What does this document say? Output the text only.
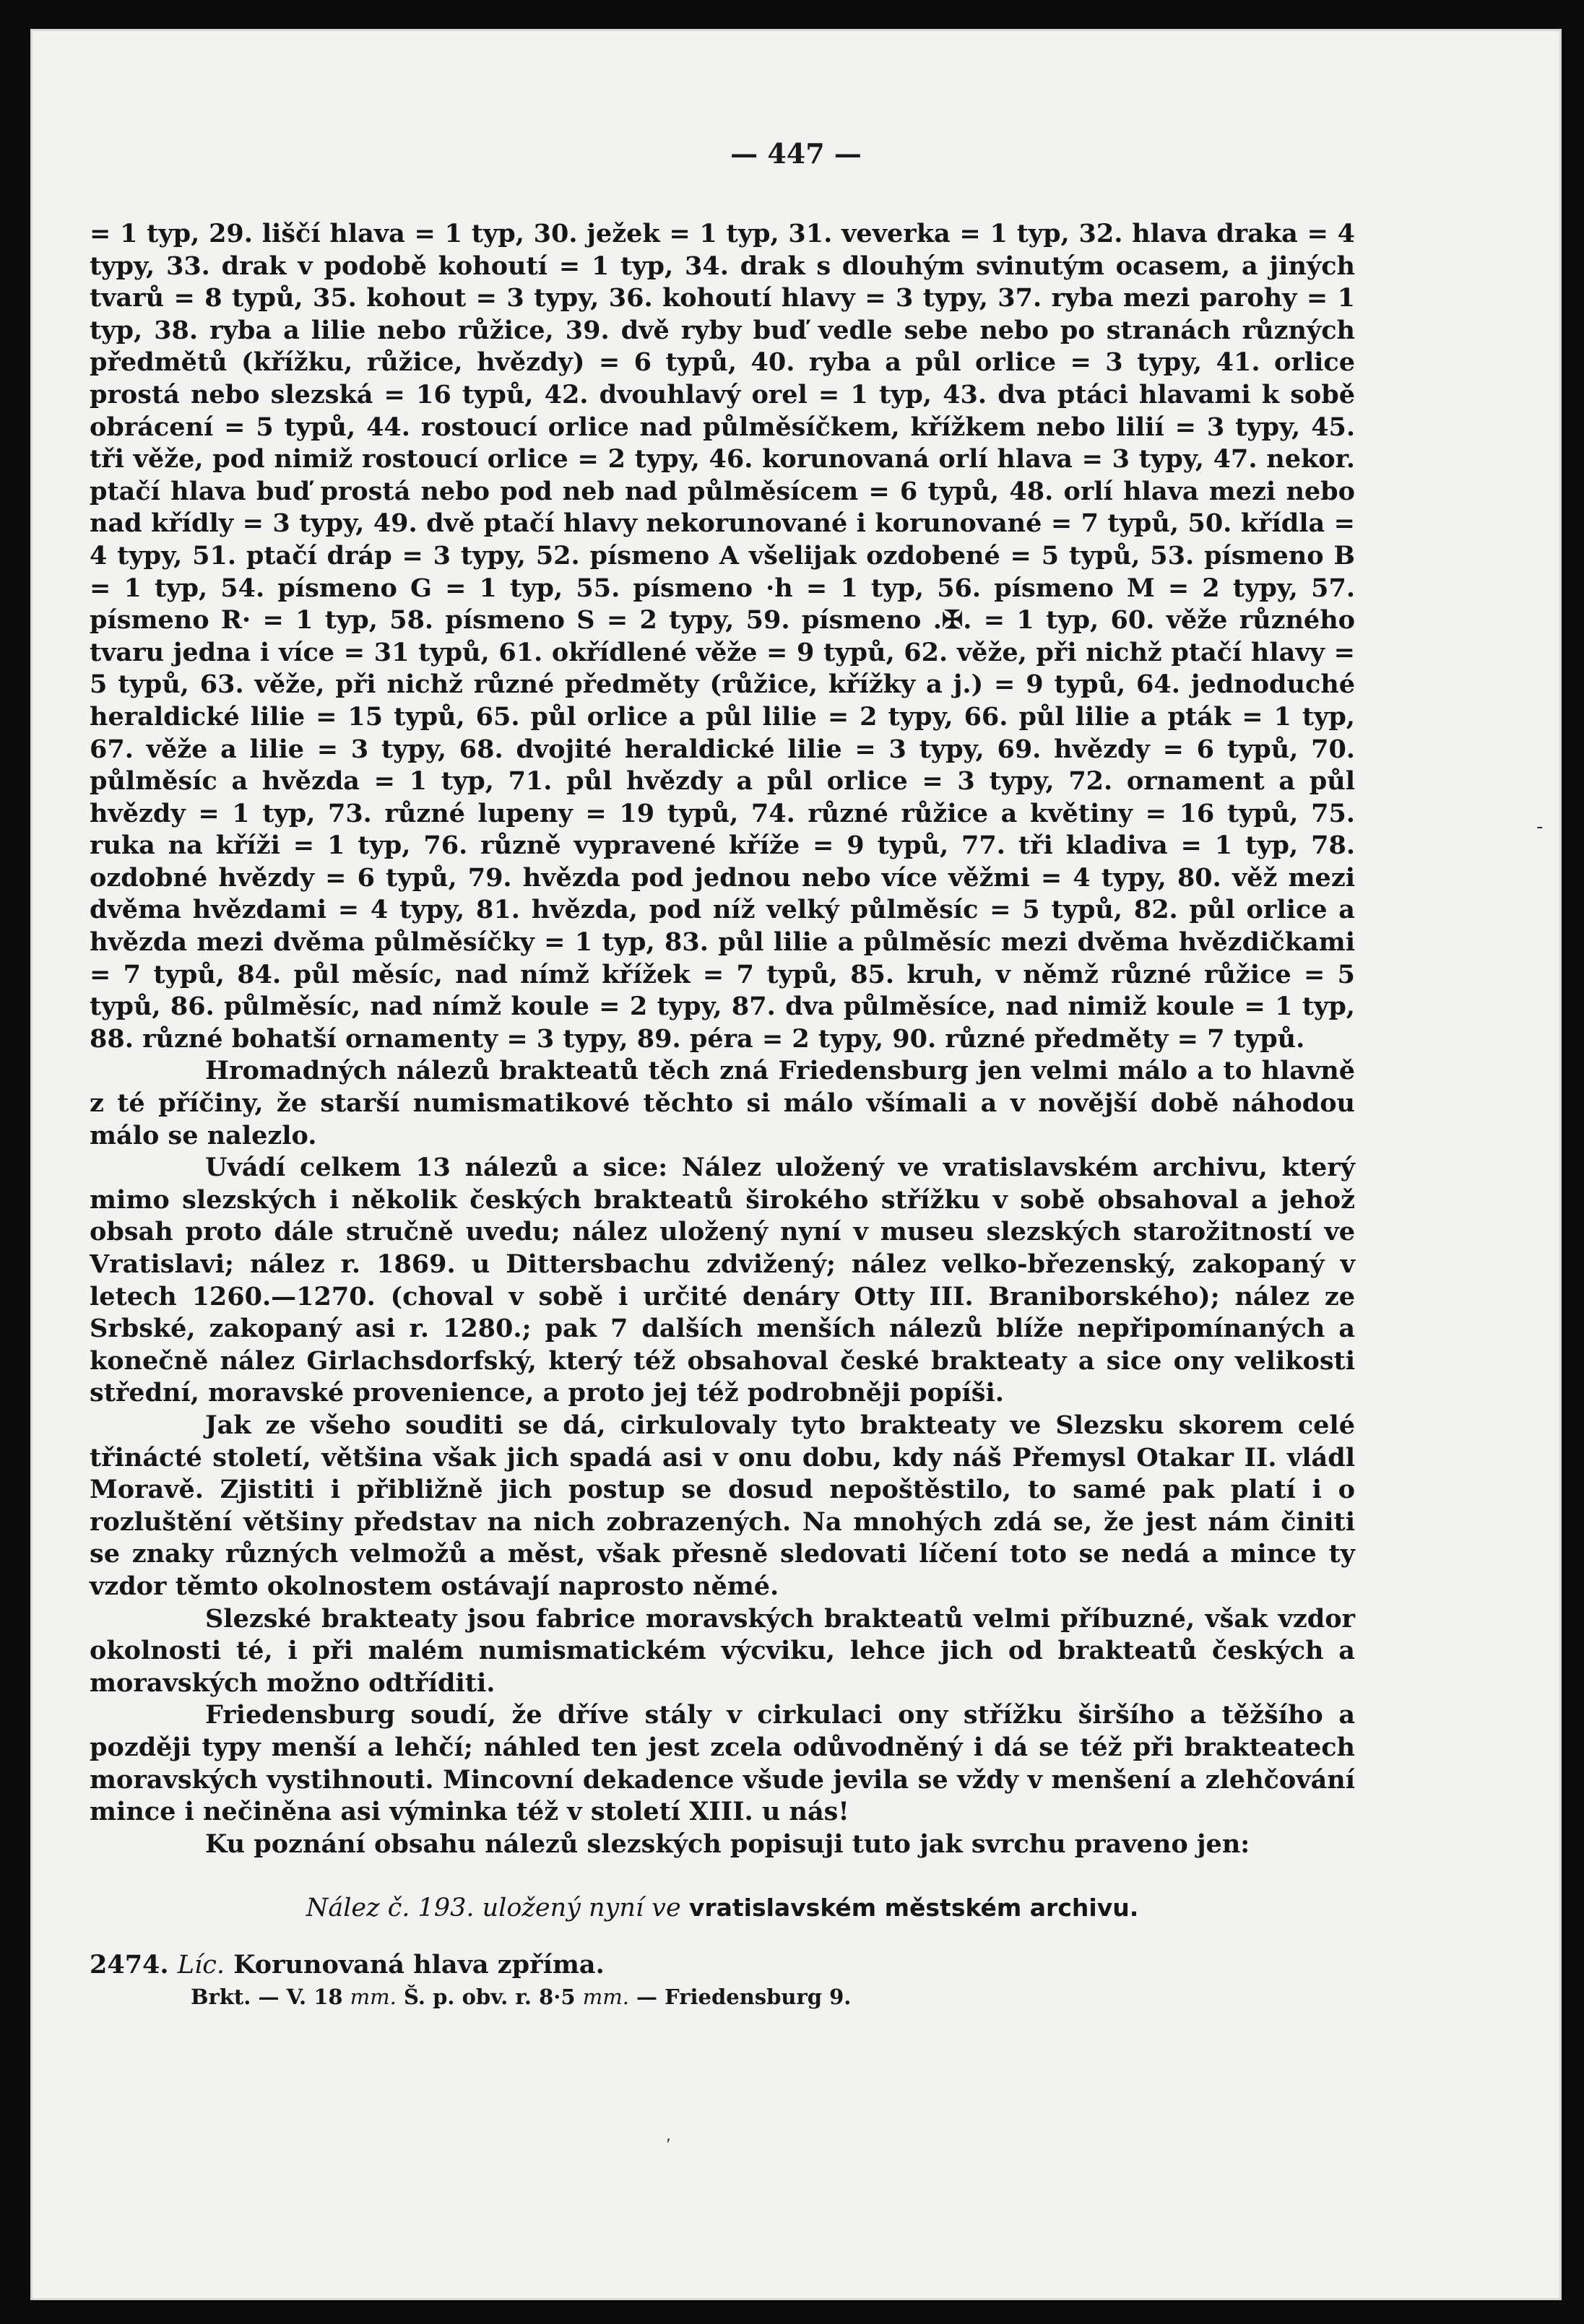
— 447 —

= 1 typ, 29. liščí hlava = 1 typ, 30. ježek = 1 typ, 31. veverka = 1 typ, 32. hlava draka = 4 typy, 33. drak v podobě kohoutí = 1 typ, 34. drak s dlouhým svinutým ocasem, a jiných tvarů = 8 typů, 35. kohout = 3 typy, 36. kohoutí hlavy = 3 typy, 37. ryba mezi parohy = 1 typ, 38. ryba a lilie nebo růžice, 39. dvě ryby buď vedle sebe nebo po stranách různých předmětů (křížku, růžice, hvězdy) = 6 typů, 40. ryba a půl orlice = 3 typy, 41. orlice prostá nebo slezská = 16 typů, 42. dvouhlavý orel = 1 typ, 43. dva ptáci hlavami k sobě obrácení = 5 typů, 44. rostoucí orlice nad půlměsíčkem, křížkem nebo lilií = 3 typy, 45. tři věže, pod nimiž rostoucí orlice = 2 typy, 46. korunovaná orlí hlava = 3 typy, 47. nekor. ptačí hlava buď prostá nebo pod neb nad půlměsícem = 6 typů, 48. orlí hlava mezi nebo nad křídly = 3 typy, 49. dvě ptačí hlavy nekorunované i korunované = 7 typů, 50. křídla = 4 typy, 51. ptačí dráp = 3 typy, 52. písmeno A všelijak ozdobené = 5 typů, 53. písmeno B = 1 typ, 54. písmeno G = 1 typ, 55. písmeno ·h = 1 typ, 56. písmeno M = 2 typy, 57. písmeno R· = 1 typ, 58. písmeno S = 2 typy, 59. písmeno .✠. = 1 typ, 60. věže různého tvaru jedna i více = 31 typů, 61. okřídlené věže = 9 typů, 62. věže, při nichž ptačí hlavy = 5 typů, 63. věže, při nichž různé předměty (růžice, křížky a j.) = 9 typů, 64. jednoduché heraldické lilie = 15 typů, 65. půl orlice a půl lilie = 2 typy, 66. půl lilie a pták = 1 typ, 67. věže a lilie = 3 typy, 68. dvojité heraldické lilie = 3 typy, 69. hvězdy = 6 typů, 70. půlměsíc a hvězda = 1 typ, 71. půl hvězdy a půl orlice = 3 typy, 72. ornament a půl hvězdy = 1 typ, 73. různé lupeny = 19 typů, 74. různé růžice a květiny = 16 typů, 75. ruka na kříži = 1 typ, 76. různě vypravené kříže = 9 typů, 77. tři kladiva = 1 typ, 78. ozdobné hvězdy = 6 typů, 79. hvězda pod jednou nebo více věžmi = 4 typy, 80. věž mezi dvěma hvězdami = 4 typy, 81. hvězda, pod níž velký půlměsíc = 5 typů, 82. půl orlice a hvězda mezi dvěma půlměsíčky = 1 typ, 83. půl lilie a půlměsíc mezi dvěma hvězdičkami = 7 typů, 84. půl měsíc, nad nímž křížek = 7 typů, 85. kruh, v němž různé růžice = 5 typů, 86. půlměsíc, nad nímž koule = 2 typy, 87. dva půlměsíce, nad nimiž koule = 1 typ, 88. různé bohatší ornamenty = 3 typy, 89. péra = 2 typy, 90. různé předměty = 7 typů.

Hromadných nálezů brakteatů těch zná Friedensburg jen velmi málo a to hlavně z té příčiny, že starší numismatikové těchto si málo všímali a v novější době náhodou málo se nalezlo.

Uvádí celkem 13 nálezů a sice: Nález uložený ve vratislavském archivu, který mimo slezských i několik českých brakteatů širokého střížku v sobě obsahoval a jehož obsah proto dále stručně uvedu; nález uložený nyní v museu slezských starožitností ve Vratislavi; nález r. 1869. u Dittersbachu zdvižený; nález velko-březenský, zakopaný v letech 1260.—1270. (choval v sobě i určité denáry Otty III. Braniborského); nález ze Srbské, zakopaný asi r. 1280.; pak 7 dalších menších nálezů blíže nepřipomínaných a konečně nález Girlachsdorfský, který též obsahoval české brakteaty a sice ony velikosti střední, moravské provenience, a proto jej též podrobněji popíši.

Jak ze všeho souditi se dá, cirkulovaly tyto brakteaty ve Slezsku skorem celé třinácté století, většina však jich spadá asi v onu dobu, kdy náš Přemysl Otakar II. vládl Moravě. Zjistiti i přibližně jich postup se dosud nepoštěstilo, to samé pak platí i o rozluštění většiny představ na nich zobrazených. Na mnohých zdá se, že jest nám činiti se znaky různých velmožů a měst, však přesně sledovati líčení toto se nedá a mince ty vzdor těmto okolnostem ostávají naprosto němé.

Slezské brakteaty jsou fabrice moravských brakteatů velmi příbuzné, však vzdor okolnosti té, i při malém numismatickém výcviku, lehce jich od brakteatů českých a moravských možno odtříditi.

Friedensburg soudí, že dříve stály v cirkulaci ony střížku širšího a těžšího a později typy menší a lehčí; náhled ten jest zcela odůvodněný i dá se též při brakteatech moravských vystihnouti. Mincovní dekadence všude jevila se vždy v menšení a zlehčování mince i nečiněna asi výminka též v století XIII. u nás!

Ku poznání obsahu nálezů slezských popisuji tuto jak svrchu praveno jen:

Nález č. 193. uložený nyní ve vratislavském městském archivu.

2474. Líc. Korunovaná hlava zpříma.

Brkt. — V. 18 mm. Š. p. obv. r. 8·5 mm. — Friedensburg 9.

-
,
